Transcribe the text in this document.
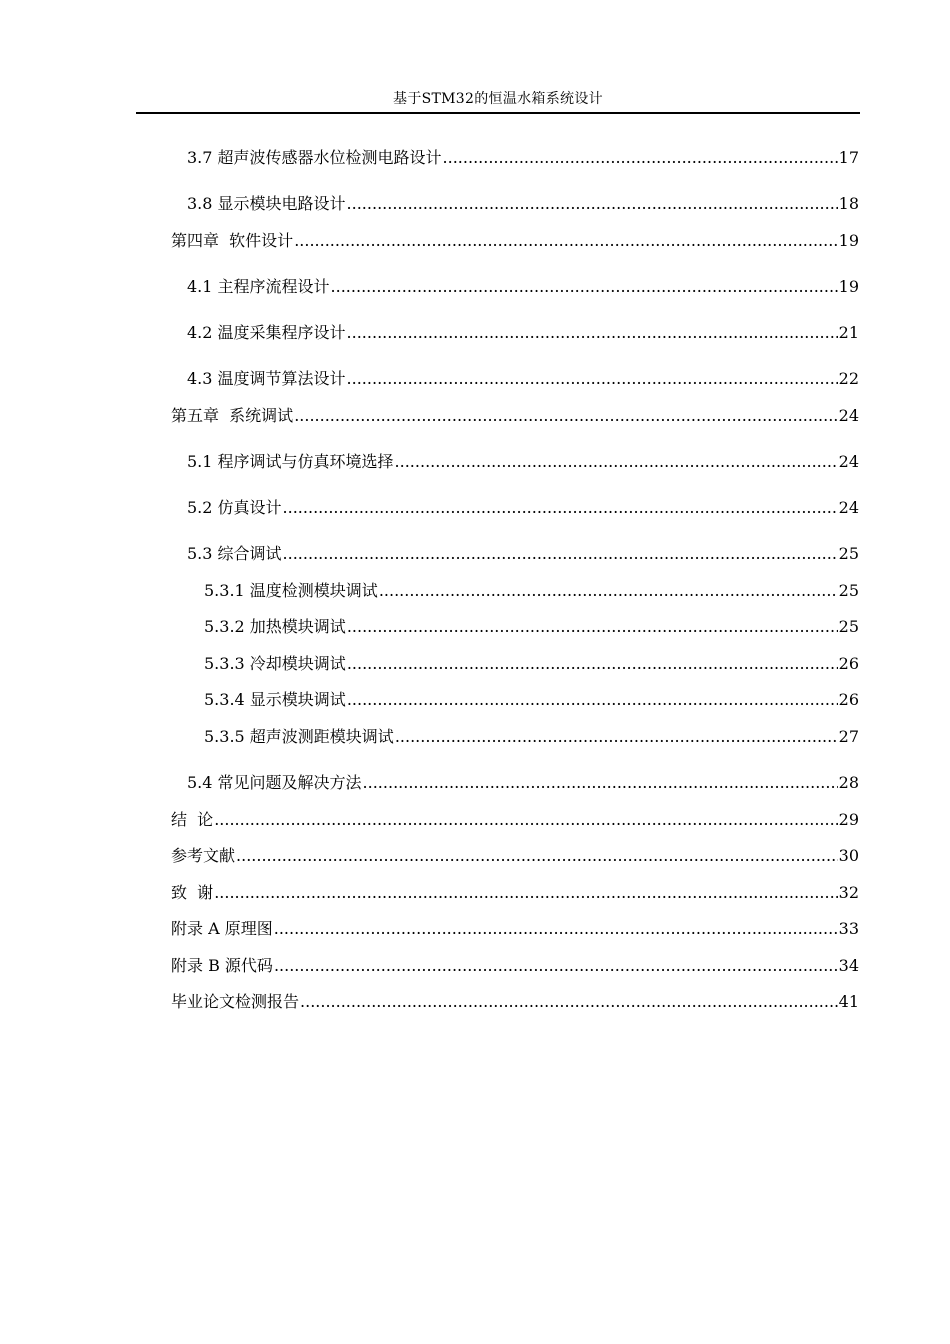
基于STM32的恒温水箱系统设计
3.7 超声波传感器水位检测电路设计 .....	17
3.8 显示模块电路设计 .....	18
第四章  软件设计 .....	19
4.1 主程序流程设计 .....	19
4.2 温度采集程序设计 .....	21
4.3 温度调节算法设计 .....	22
第五章  系统调试 .....	24
5.1 程序调试与仿真环境选择 .....	24
5.2 仿真设计 .....	24
5.3 综合调试 .....	25
5.3.1 温度检测模块调试 .....	25
5.3.2 加热模块调试 .....	25
5.3.3 冷却模块调试 .....	26
5.3.4 显示模块调试 .....	26
5.3.5 超声波测距模块调试 .....	27
5.4 常见问题及解决方法 .....	28
结  论 .....	29
参考文献 .....	30
致  谢 .....	32
附录 A 原理图 .....	33
附录 B 源代码 .....	34
毕业论文检测报告 .....	41
